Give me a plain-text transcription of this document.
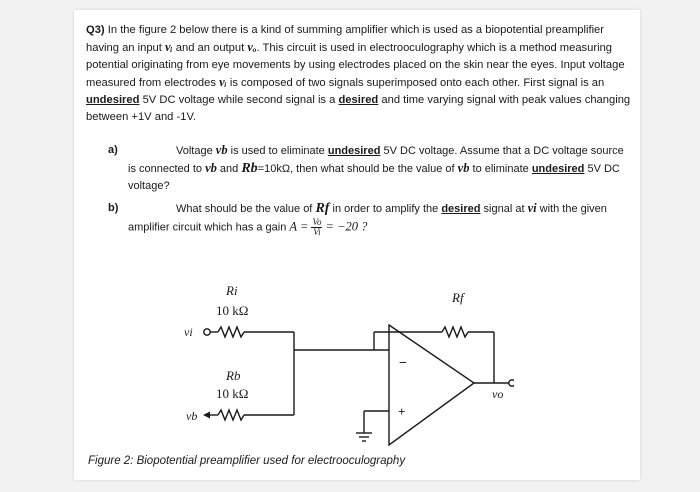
Q3) In the figure 2 below there is a kind of summing amplifier which is used as a biopotential preamplifier having an input vᵢ and an output vₒ. This circuit is used in electrooculography which is a method measuring potential originating from eye movements by using electrodes placed on the skin near the eyes. Input voltage measured from electrodes vᵢ is composed of two signals superimposed onto each other. First signal is an undesired 5V DC voltage while second signal is a desired and time varying signal with peak values changing between +1V and -1V.
a)	Voltage vb is used to eliminate undesired 5V DC voltage. Assume that a DC voltage source is connected to vb and Rb=10kΩ, then what should be the value of vb to eliminate undesired 5V DC voltage?
b)	What should be the value of Rf in order to amplify the desired signal at vi with the given amplifier circuit which has a gain $A = \frac{Vo}{Vi} = -20$ ?
Ri
10 kΩ
Rb
10 kΩ
Rf
vi
vb
vo
−
+
Figure 2: Biopotential preamplifier used for electrooculography
